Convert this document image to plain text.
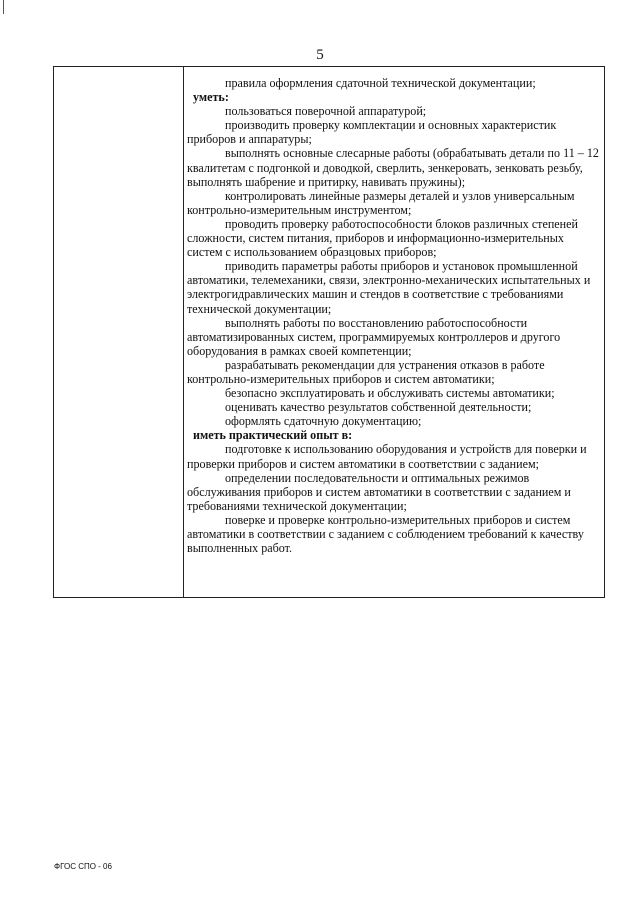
5

правила оформления сдаточной технической документации;

уметь:

пользоваться поверочной аппаратурой;

производить проверку комплектации и основных характеристик приборов и аппаратуры;

выполнять основные слесарные работы (обрабатывать детали по 11 – 12 квалитетам с подгонкой и доводкой, сверлить, зенкеровать, зенковать резьбу, выполнять шабрение и притирку, навивать пружины);

контролировать линейные размеры деталей и узлов универсальным контрольно-измерительным инструментом;

проводить проверку работоспособности блоков различных степеней сложности, систем питания, приборов и информационно-измерительных систем с использованием образцовых приборов;

приводить параметры работы приборов и установок промышленной автоматики, телемеханики, связи, электронно-механических испытательных и электрогидравлических машин и стендов в соответствие с требованиями технической документации;

выполнять работы по восстановлению работоспособности автоматизированных систем, программируемых контроллеров и другого оборудования в рамках своей компетенции;

разрабатывать рекомендации для устранения отказов в работе контрольно-измерительных приборов и систем автоматики;

безопасно эксплуатировать и обслуживать системы автоматики;

оценивать качество результатов собственной деятельности;

оформлять сдаточную документацию;

иметь практический опыт в:

подготовке к использованию оборудования и устройств для поверки и проверки приборов и систем автоматики в соответствии с заданием;

определении последовательности и оптимальных режимов обслуживания приборов и систем автоматики в соответствии с заданием и требованиями технической документации;

поверке и проверке контрольно-измерительных приборов и систем автоматики в соответствии с заданием с соблюдением требований к качеству выполненных работ.

ФГОС СПО - 06
